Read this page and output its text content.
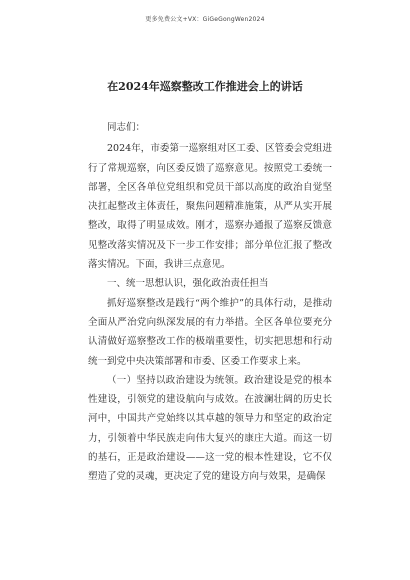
更多免费公文+VX：GiGeGongWen2024
在2024年巡察整改工作推进会上的讲话

同志们：

2024年，市委第一巡察组对区工委、区管委会党组进行了常规巡察，向区委反馈了巡察意见。按照党工委统一部署，全区各单位党组织和党员干部以高度的政治自觉坚决扛起整改主体责任，聚焦问题精准施策，从严从实开展整改，取得了明显成效。刚才，巡察办通报了巡察反馈意见整改落实情况及下一步工作安排；部分单位汇报了整改落实情况。下面，我讲三点意见。

一、统一思想认识，强化政治责任担当

抓好巡察整改是践行“两个维护”的具体行动，是推动全面从严治党向纵深发展的有力举措。全区各单位要充分认清做好巡察整改工作的极端重要性，切实把思想和行动统一到党中央决策部署和市委、区委工作要求上来。

（一）坚持以政治建设为统领。政治建设是党的根本性建设，引领党的建设航向与成效。在波澜壮阔的历史长河中，中国共产党始终以其卓越的领导力和坚定的政治定力，引领着中华民族走向伟大复兴的康庄大道。而这一切的基石，正是政治建设——这一党的根本性建设，它不仅塑造了党的灵魂，更决定了党的建设方向与效果，是确保
